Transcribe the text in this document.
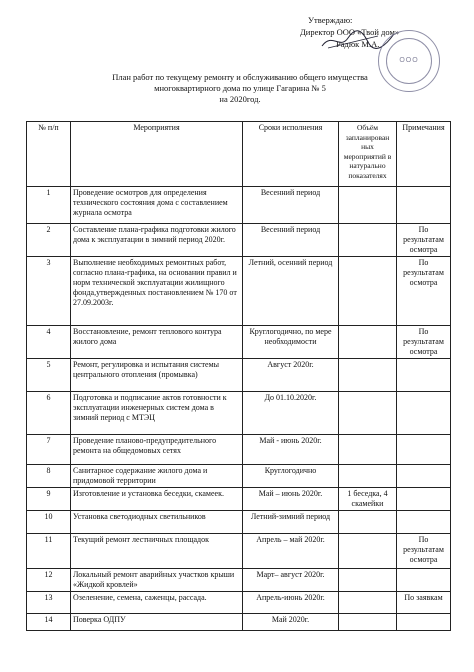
Утверждаю:
Директор ООО «Твой дом»
Радюк М.А.
ООО
План работ по текущему ремонту и обслуживанию общего имущества
многоквартирного дома по улице Гагарина № 5
на 2020год.
№ п/п	Мероприятия	Сроки исполнения	Объём запланирован ных мероприятий в натурально показателях	Примечания
1	Проведение осмотров для определения технического состояния дома с составлением журнала осмотра	Весенний период		
2	Составление плана-графика подготовки жилого дома к эксплуатации в зимний период 2020г.	Весенний период		По результатам осмотра
3	Выполнение необходимых ремонтных работ, согласно плана-графика, на основании правил и норм технической эксплуатации жилищного фонда,утвержденных постановлением № 170 от 27.09.2003г.	Летний, осенний период		По результатам осмотра
4	Восстановление, ремонт теплового контура жилого дома	Круглогодично, по мере необходимости		По результатам осмотра
5	Ремонт, регулировка и испытания системы центрального отопления (промывка)	Август 2020г.		
6	Подготовка и подписание актов готовности к эксплуатации инженерных систем дома в зимний период с МТЭЦ	До 01.10.2020г.		
7	Проведение планово-предупредительного ремонта на общедомовых сетях	Май - июнь 2020г.		
8	Санитарное содержание жилого дома и придомовой территории	Круглогодично		
9	Изготовление и установка беседки, скамеек.	Май – июнь 2020г.	1 беседка, 4 скамейки	
10	Установка светодиодных светильников	Летний-зимний период		
11	Текущий ремонт лестничных площадок	Апрель – май 2020г.		По результатам осмотра
12	Локальный ремонт аварийных участков крыши «Жидкой кровлей»	Март– август 2020г.		
13	Озеленение, семена, саженцы, рассада.	Апрель-июнь 2020г.		По заявкам
14	Поверка ОДПУ	Май 2020г.		
